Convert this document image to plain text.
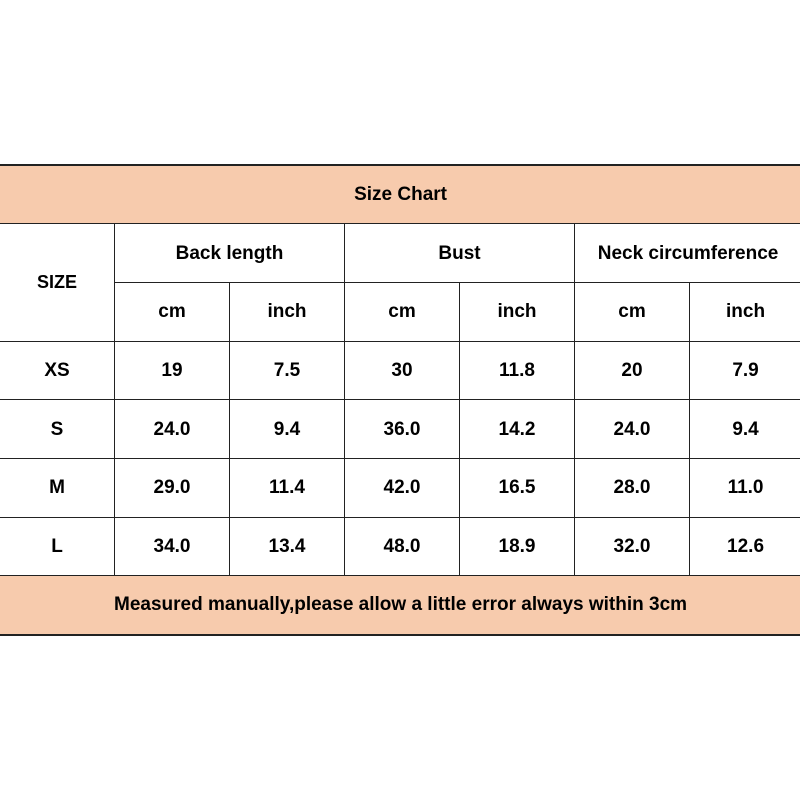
Size Chart						
SIZE	Back length		Bust		Neck circumference	
	cm	inch	cm	inch	cm	inch
XS	19	7.5	30	11.8	20	7.9
S	24.0	9.4	36.0	14.2	24.0	9.4
M	29.0	11.4	42.0	16.5	28.0	11.0
L	34.0	13.4	48.0	18.9	32.0	12.6
Measured manually,please allow a little error always within 3cm						
